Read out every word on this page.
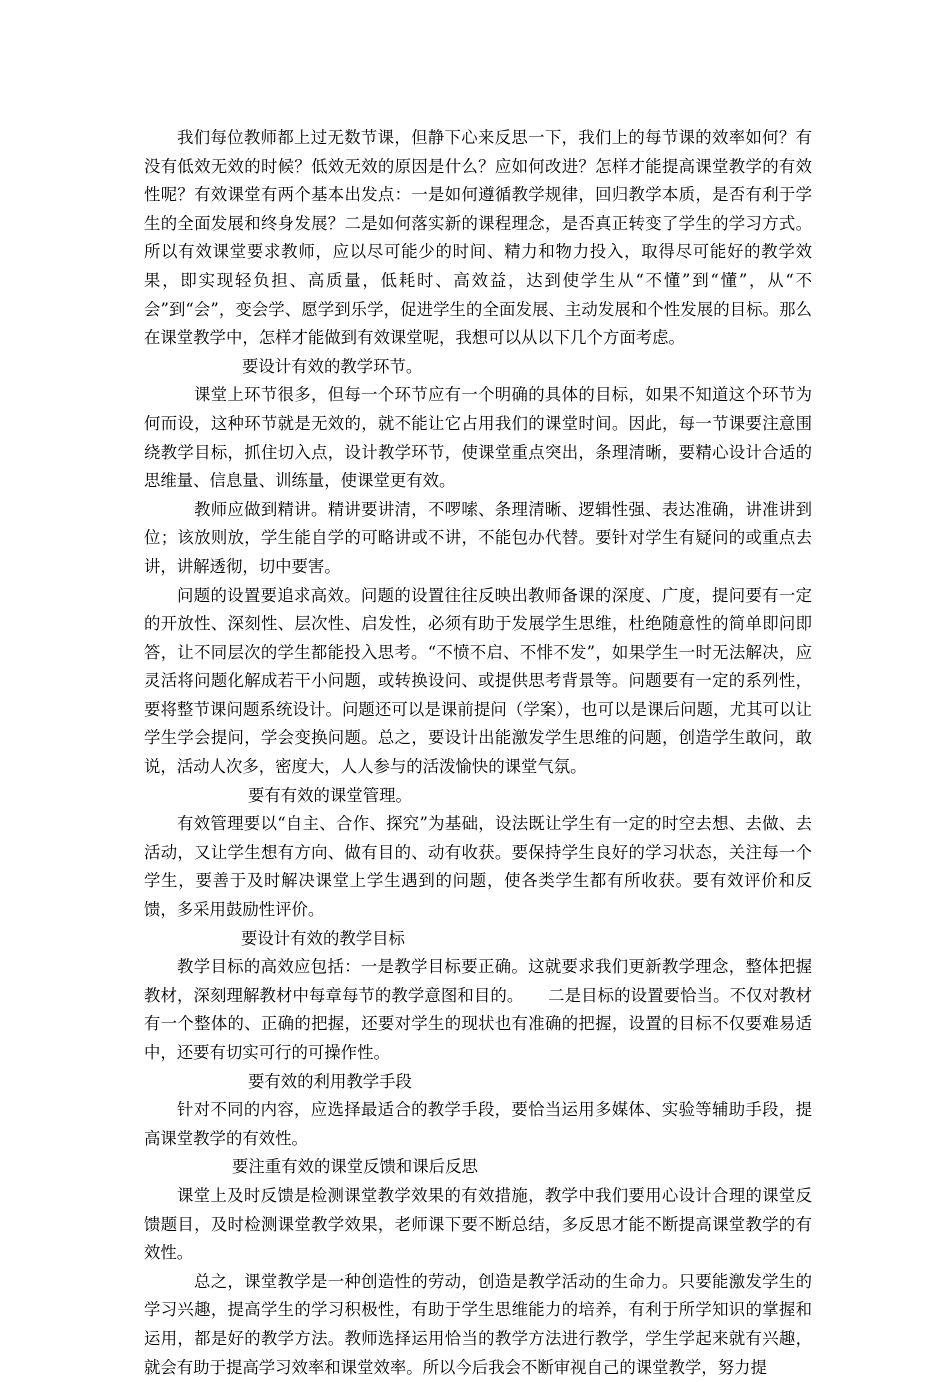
我们每位教师都上过无数节课，但静下心来反思一下，我们上的每节课的效率如何？有没有低效无效的时候？低效无效的原因是什么？应如何改进？怎样才能提高课堂教学的有效性呢？有效课堂有两个基本出发点：一是如何遵循教学规律，回归教学本质，是否有利于学生的全面发展和终身发展？二是如何落实新的课程理念，是否真正转变了学生的学习方式。所以有效课堂要求教师，应以尽可能少的时间、精力和物力投入，取得尽可能好的教学效果，即实现轻负担、高质量，低耗时、高效益，达到使学生从“不懂”到“懂”，从“不会”到“会”，变会学、愿学到乐学，促进学生的全面发展、主动发展和个性发展的目标。那么在课堂教学中，怎样才能做到有效课堂呢，我想可以从以下几个方面考虑。

要设计有效的教学环节。

课堂上环节很多，但每一个环节应有一个明确的具体的目标，如果不知道这个环节为何而设，这种环节就是无效的，就不能让它占用我们的课堂时间。因此，每一节课要注意围绕教学目标，抓住切入点，设计教学环节，使课堂重点突出，条理清晰，要精心设计合适的思维量、信息量、训练量，使课堂更有效。

教师应做到精讲。精讲要讲清，不啰嗦、条理清晰、逻辑性强、表达准确，讲准讲到位；该放则放，学生能自学的可略讲或不讲，不能包办代替。要针对学生有疑问的或重点去讲，讲解透彻，切中要害。

问题的设置要追求高效。问题的设置往往反映出教师备课的深度、广度，提问要有一定的开放性、深刻性、层次性、启发性，必须有助于发展学生思维，杜绝随意性的简单即问即答，让不同层次的学生都能投入思考。“不愤不启、不悱不发”，如果学生一时无法解决，应灵活将问题化解成若干小问题，或转换设问、或提供思考背景等。问题要有一定的系列性，要将整节课问题系统设计。问题还可以是课前提问（学案），也可以是课后问题，尤其可以让学生学会提问，学会变换问题。总之，要设计出能激发学生思维的问题，创造学生敢问，敢说，活动人次多，密度大，人人参与的活泼愉快的课堂气氛。

要有有效的课堂管理。

有效管理要以“自主、合作、探究”为基础，设法既让学生有一定的时空去想、去做、去活动，又让学生想有方向、做有目的、动有收获。要保持学生良好的学习状态，关注每一个学生，要善于及时解决课堂上学生遇到的问题，使各类学生都有所收获。要有效评价和反馈，多采用鼓励性评价。

要设计有效的教学目标

教学目标的高效应包括：一是教学目标要正确。这就要求我们更新教学理念，整体把握教材，深刻理解教材中每章每节的教学意图和目的。　　二是目标的设置要恰当。不仅对教材有一个整体的、正确的把握，还要对学生的现状也有准确的把握，设置的目标不仅要难易适中，还要有切实可行的可操作性。

要有效的利用教学手段

针对不同的内容，应选择最适合的教学手段，要恰当运用多媒体、实验等辅助手段，提高课堂教学的有效性。

要注重有效的课堂反馈和课后反思

课堂上及时反馈是检测课堂教学效果的有效措施，教学中我们要用心设计合理的课堂反馈题目，及时检测课堂教学效果，老师课下要不断总结，多反思才能不断提高课堂教学的有效性。

总之，课堂教学是一种创造性的劳动，创造是教学活动的生命力。只要能激发学生的学习兴趣，提高学生的学习积极性，有助于学生思维能力的培养，有利于所学知识的掌握和运用，都是好的教学方法。教师选择运用恰当的教学方法进行教学，学生学起来就有兴趣，就会有助于提高学习效率和课堂效率。所以今后我会不断审视自己的课堂教学，努力提
